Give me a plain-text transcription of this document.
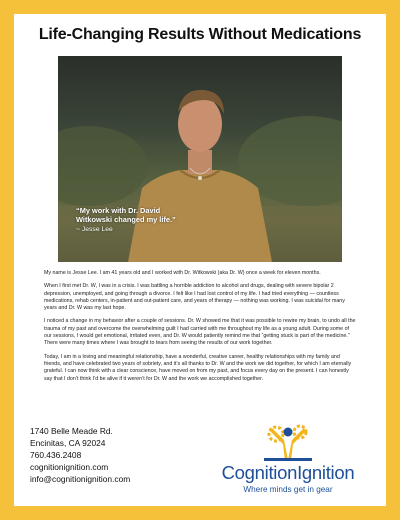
Life-Changing Results Without Medications
“My work with Dr. David Witkowski changed my life.”
~ Jesse Lee

My name is Jesse Lee. I am 41 years old and I worked with Dr. Witkowski (aka Dr. W) once a week for eleven months.

When I first met Dr. W, I was in a crisis. I was battling a horrible addiction to alcohol and drugs, dealing with severe bipolar 2 depression, unemployed, and going through a divorce. I felt like I had lost control of my life. I had tried everything — countless medications, rehab centers, in-patient and out-patient care, and years of therapy — nothing was working. I was suicidal for many years and Dr. W was my last hope.

I noticed a change in my behavior after a couple of sessions. Dr. W showed me that it was possible to rewire my brain, to undo all the trauma of my past and overcome the overwhelming guilt I had carried with me throughout my life as a young adult. During some of our sessions, I would get emotional, irritated even, and Dr. W would patiently remind me that “getting stuck is part of the medicine.” There were many times where I was brought to tears from seeing the results of our work together.

Today, I am in a loving and meaningful relationship, have a wonderful, creative career, healthy relationships with my family and friends, and have celebrated two years of sobriety, and it’s all thanks to Dr. W and the work we did together, for which I am eternally grateful. I can now think with a clear conscience, have moved on from my past, and focus every day on the present. I can honestly say that I don’t think I’d be alive if it weren’t for Dr. W and the work we accomplished together.

1740 Belle Meade Rd.
Encinitas, CA 92024
760.436.2408
cognitionignition.com
info@cognitionignition.com	CognitionIgnition
Where minds get in gear
